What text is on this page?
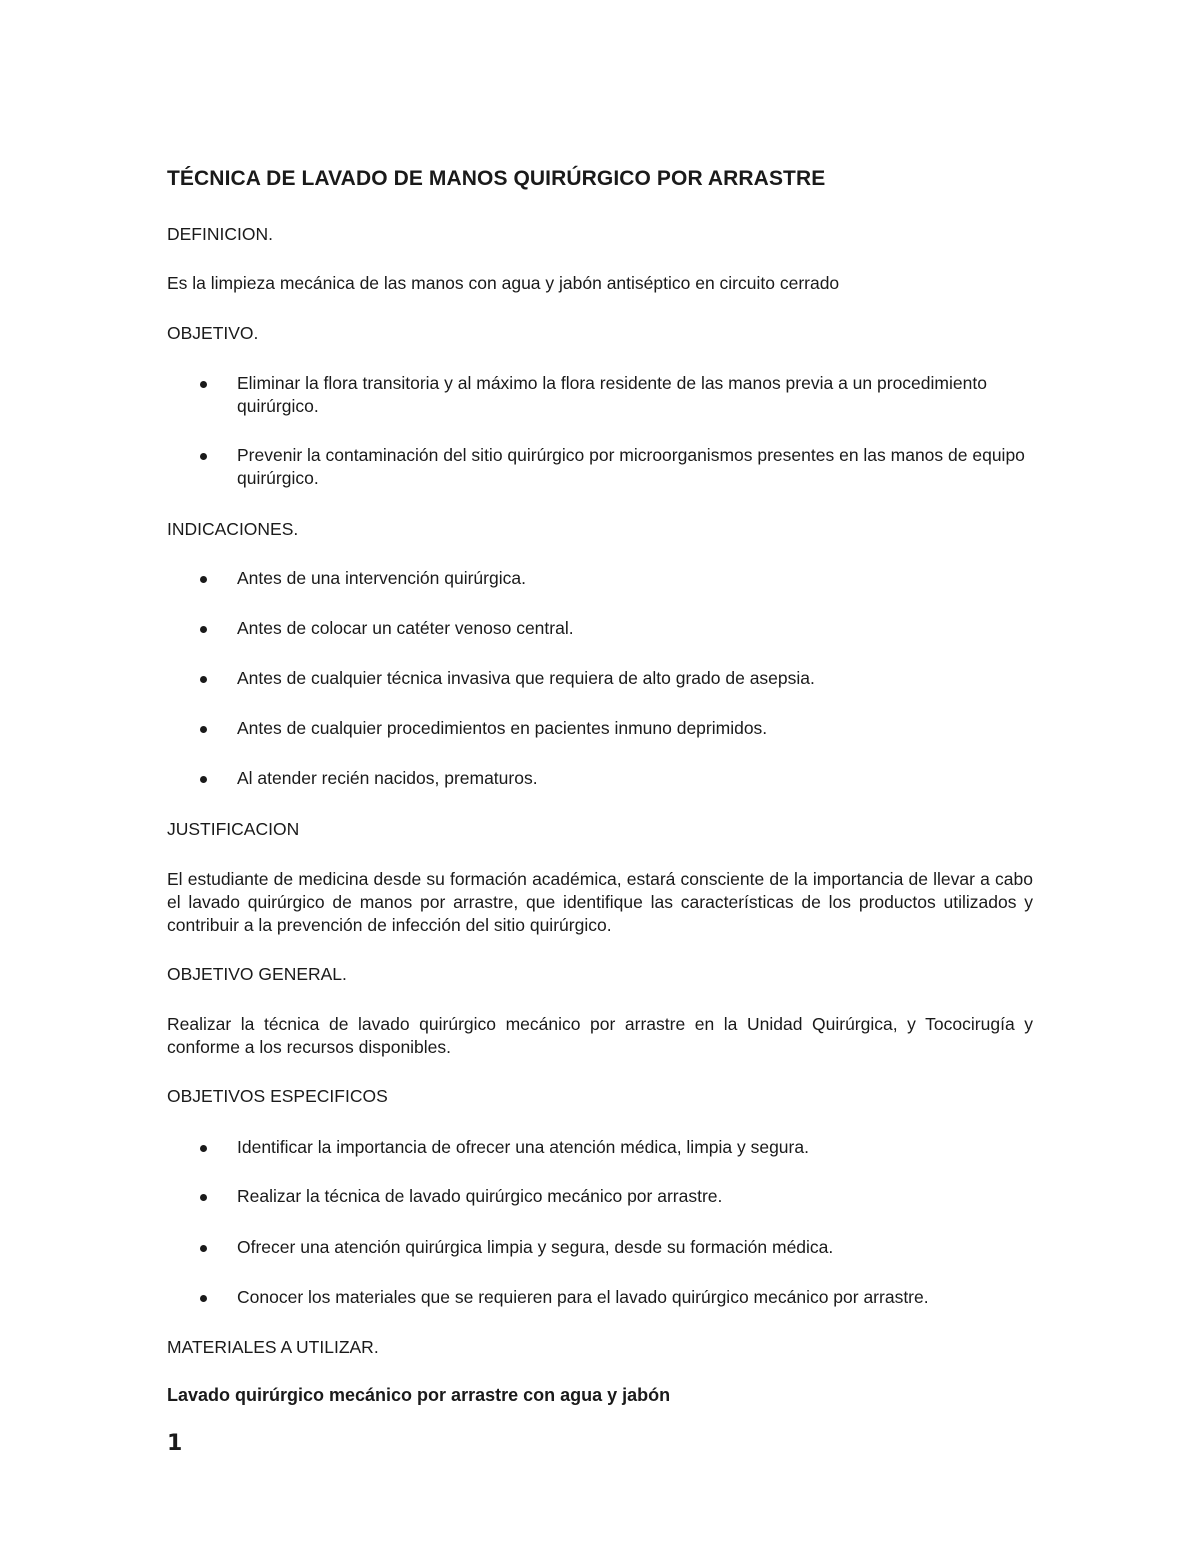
TÉCNICA DE LAVADO DE MANOS QUIRÚRGICO POR ARRASTRE
DEFINICION.
Es la limpieza mecánica de las manos con agua y jabón antiséptico en circuito cerrado
OBJETIVO.
Eliminar la flora transitoria y al máximo la flora residente de las manos previa a un procedimiento quirúrgico.
Prevenir la contaminación del sitio quirúrgico por microorganismos presentes en las manos de equipo quirúrgico.
INDICACIONES.
Antes de una intervención quirúrgica.
Antes de colocar un catéter venoso central.
Antes de cualquier técnica invasiva que requiera de alto grado de asepsia.
Antes de cualquier procedimientos en pacientes inmuno deprimidos.
Al atender recién nacidos, prematuros.
JUSTIFICACION
El estudiante de medicina desde su formación académica, estará consciente de la importancia de llevar a cabo el lavado quirúrgico de manos por arrastre, que identifique las características de los productos utilizados y contribuir a la prevención de infección del sitio quirúrgico.
OBJETIVO GENERAL.
Realizar la técnica de lavado quirúrgico mecánico por arrastre en la Unidad Quirúrgica, y Tococirugía y conforme a los recursos disponibles.
OBJETIVOS ESPECIFICOS
Identificar la importancia de ofrecer una atención médica, limpia y segura.
Realizar la técnica de lavado quirúrgico mecánico por arrastre.
Ofrecer una atención quirúrgica limpia y segura, desde su formación médica.
Conocer los materiales que se requieren para el lavado quirúrgico mecánico por arrastre.
MATERIALES A UTILIZAR.
Lavado quirúrgico mecánico por arrastre con agua y jabón
1
